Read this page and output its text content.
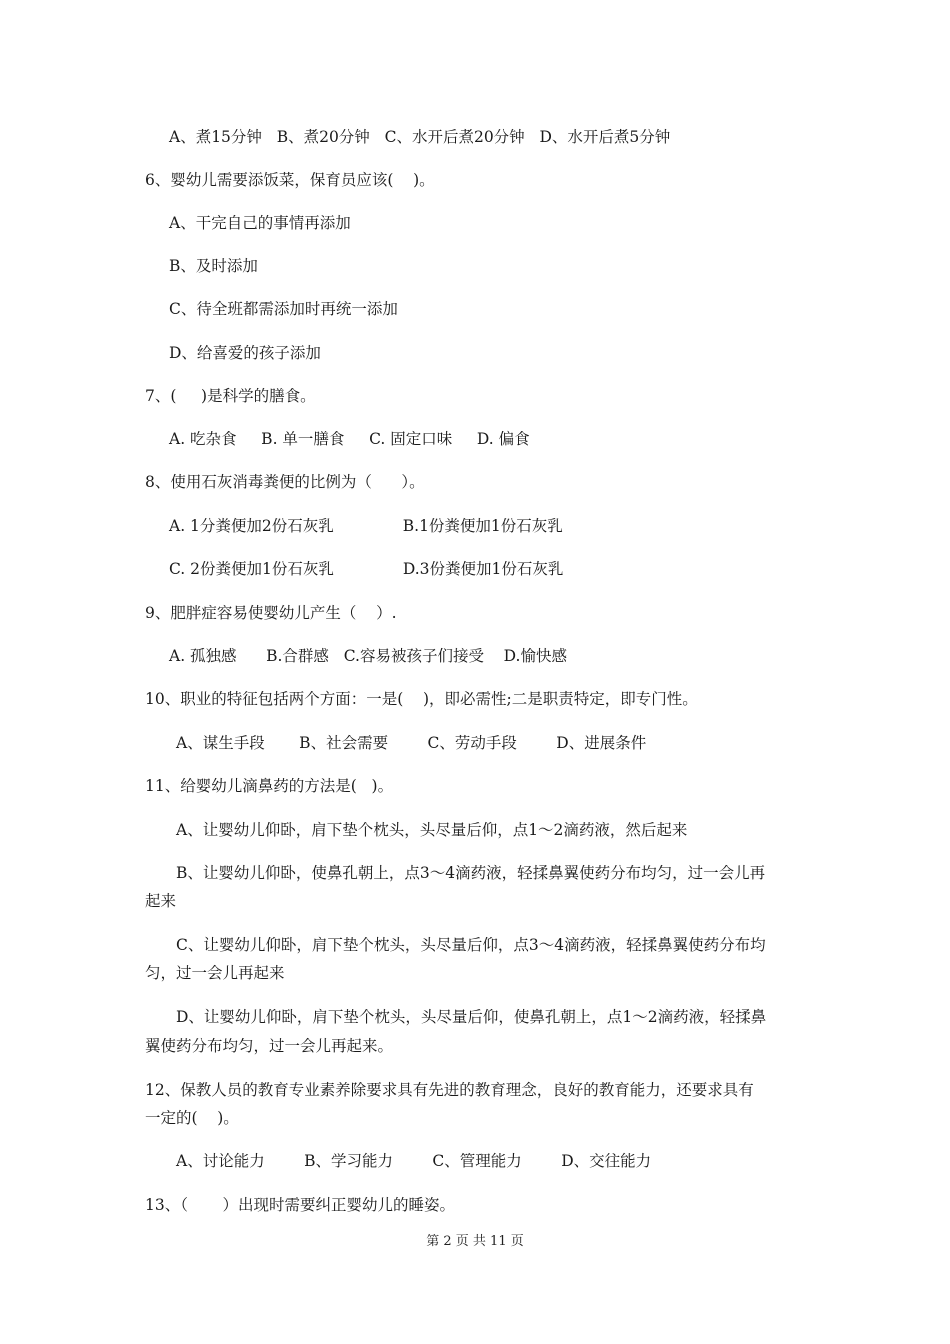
A、煮15分钟   B、煮20分钟   C、水开后煮20分钟   D、水开后煮5分钟
6、婴幼儿需要添饭菜，保育员应该(    )。
A、干完自己的事情再添加
B、及时添加
C、待全班都需添加时再统一添加
D、给喜爱的孩子添加
7、(     )是科学的膳食。
A. 吃杂食     B. 单一膳食     C. 固定口味     D. 偏食
8、使用石灰消毒粪便的比例为（      ）。
A. 1分粪便加2份石灰乳              B.1份粪便加1份石灰乳
C. 2份粪便加1份石灰乳              D.3份粪便加1份石灰乳
9、肥胖症容易使婴幼儿产生（    ）.
A. 孤独感      B.合群感   C.容易被孩子们接受    D.愉快感
10、职业的特征包括两个方面：一是(    )，即必需性;二是职责特定，即专门性。
A、谋生手段       B、社会需要        C、劳动手段        D、进展条件
11、给婴幼儿滴鼻药的方法是(   )。
A、让婴幼儿仰卧，肩下垫个枕头，头尽量后仰，点1～2滴药液，然后起来
B、让婴幼儿仰卧，使鼻孔朝上，点3～4滴药液，轻揉鼻翼使药分布均匀，过一会儿再
起来
C、让婴幼儿仰卧，肩下垫个枕头，头尽量后仰，点3～4滴药液，轻揉鼻翼使药分布均
匀，过一会儿再起来
D、让婴幼儿仰卧，肩下垫个枕头，头尽量后仰，使鼻孔朝上，点1～2滴药液，轻揉鼻
翼使药分布均匀，过一会儿再起来。
12、保教人员的教育专业素养除要求具有先进的教育理念，良好的教育能力，还要求具有
一定的(    )。
A、讨论能力        B、学习能力        C、管理能力        D、交往能力
13、（       ）出现时需要纠正婴幼儿的睡姿。
第 2 页 共 11 页
